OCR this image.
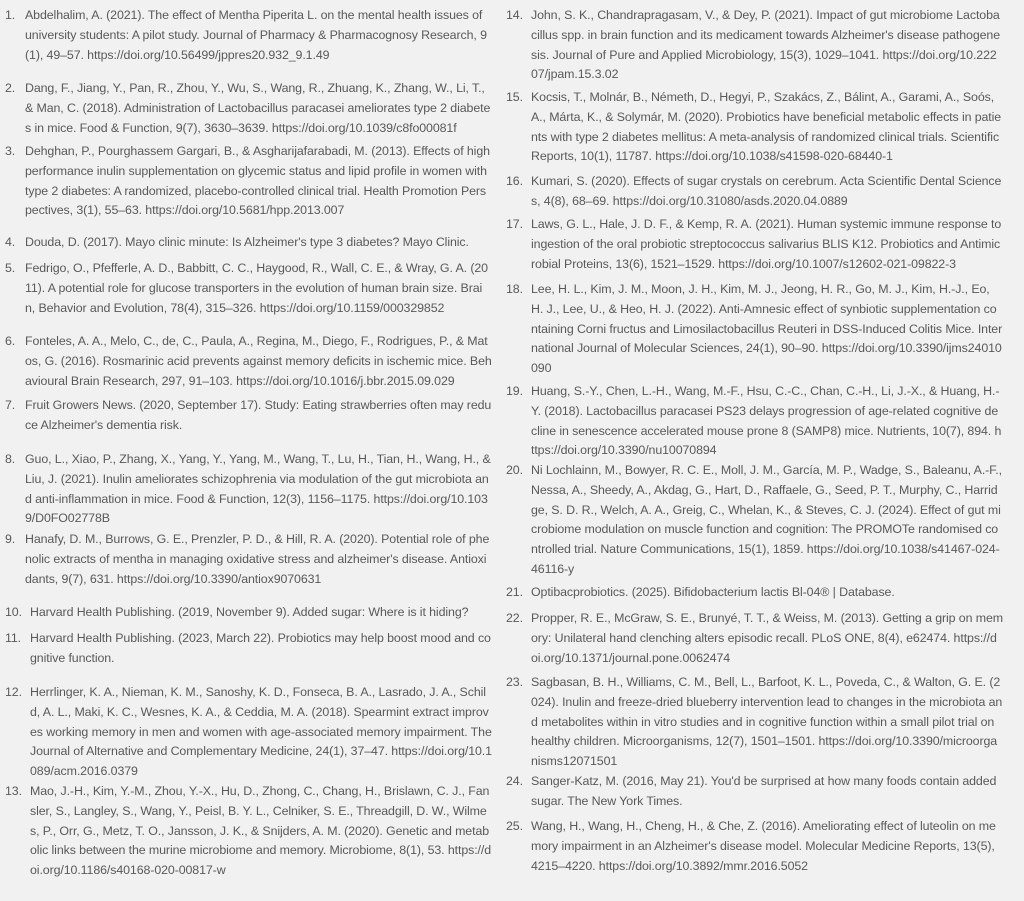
1. Abdelhalim, A. (2021). The effect of Mentha Piperita L. on the mental health issues of university students: A pilot study. Journal of Pharmacy & Pharmacognosy Research, 9(1), 49–57. https://doi.org/10.56499/jppres20.932_9.1.49
2. Dang, F., Jiang, Y., Pan, R., Zhou, Y., Wu, S., Wang, R., Zhuang, K., Zhang, W., Li, T., & Man, C. (2018). Administration of Lactobacillus paracasei ameliorates type 2 diabetes in mice. Food & Function, 9(7), 3630–3639. https://doi.org/10.1039/c8fo00081f
3. Dehghan, P., Pourghassem Gargari, B., & Asgharijafarabadi, M. (2013). Effects of high performance inulin supplementation on glycemic status and lipid profile in women with type 2 diabetes: A randomized, placebo-controlled clinical trial. Health Promotion Perspectives, 3(1), 55–63. https://doi.org/10.5681/hpp.2013.007
4. Douda, D. (2017). Mayo clinic minute: Is Alzheimer's type 3 diabetes? Mayo Clinic.
5. Fedrigo, O., Pfefferle, A. D., Babbitt, C. C., Haygood, R., Wall, C. E., & Wray, G. A. (2011). A potential role for glucose transporters in the evolution of human brain size. Brain, Behavior and Evolution, 78(4), 315–326. https://doi.org/10.1159/000329852
6. Fonteles, A. A., Melo, C., de, C., Paula, A., Regina, M., Diego, F., Rodrigues, P., & Matos, G. (2016). Rosmarinic acid prevents against memory deficits in ischemic mice. Behavioural Brain Research, 297, 91–103. https://doi.org/10.1016/j.bbr.2015.09.029
7. Fruit Growers News. (2020, September 17). Study: Eating strawberries often may reduce Alzheimer's dementia risk.
8. Guo, L., Xiao, P., Zhang, X., Yang, Y., Yang, M., Wang, T., Lu, H., Tian, H., Wang, H., & Liu, J. (2021). Inulin ameliorates schizophrenia via modulation of the gut microbiota and anti-inflammation in mice. Food & Function, 12(3), 1156–1175. https://doi.org/10.1039/D0FO02778B
9. Hanafy, D. M., Burrows, G. E., Prenzler, P. D., & Hill, R. A. (2020). Potential role of phenolic extracts of mentha in managing oxidative stress and alzheimer's disease. Antioxidants, 9(7), 631. https://doi.org/10.3390/antiox9070631
10. Harvard Health Publishing. (2019, November 9). Added sugar: Where is it hiding?
11. Harvard Health Publishing. (2023, March 22). Probiotics may help boost mood and cognitive function.
12. Herrlinger, K. A., Nieman, K. M., Sanoshy, K. D., Fonseca, B. A., Lasrado, J. A., Schild, A. L., Maki, K. C., Wesnes, K. A., & Ceddia, M. A. (2018). Spearmint extract improves working memory in men and women with age-associated memory impairment. The Journal of Alternative and Complementary Medicine, 24(1), 37–47. https://doi.org/10.1089/acm.2016.0379
13. Mao, J.-H., Kim, Y.-M., Zhou, Y.-X., Hu, D., Zhong, C., Chang, H., Brislawn, C. J., Fansler, S., Langley, S., Wang, Y., Peisl, B. Y. L., Celniker, S. E., Threadgill, D. W., Wilmes, P., Orr, G., Metz, T. O., Jansson, J. K., & Snijders, A. M. (2020). Genetic and metabolic links between the murine microbiome and memory. Microbiome, 8(1), 53. https://doi.org/10.1186/s40168-020-00817-w
14. John, S. K., Chandrapragasam, V., & Dey, P. (2021). Impact of gut microbiome Lactobacillus spp. in brain function and its medicament towards Alzheimer's disease pathogenesis. Journal of Pure and Applied Microbiology, 15(3), 1029–1041. https://doi.org/10.22207/jpam.15.3.02
15. Kocsis, T., Molnár, B., Németh, D., Hegyi, P., Szakács, Z., Bálint, A., Garami, A., Soós, A., Márta, K., & Solymár, M. (2020). Probiotics have beneficial metabolic effects in patients with type 2 diabetes mellitus: A meta-analysis of randomized clinical trials. Scientific Reports, 10(1), 11787. https://doi.org/10.1038/s41598-020-68440-1
16. Kumari, S. (2020). Effects of sugar crystals on cerebrum. Acta Scientific Dental Sciences, 4(8), 68–69. https://doi.org/10.31080/asds.2020.04.0889
17. Laws, G. L., Hale, J. D. F., & Kemp, R. A. (2021). Human systemic immune response to ingestion of the oral probiotic streptococcus salivarius BLIS K12. Probiotics and Antimicrobial Proteins, 13(6), 1521–1529. https://doi.org/10.1007/s12602-021-09822-3
18. Lee, H. L., Kim, J. M., Moon, J. H., Kim, M. J., Jeong, H. R., Go, M. J., Kim, H.-J., Eo, H. J., Lee, U., & Heo, H. J. (2022). Anti-Amnesic effect of synbiotic supplementation containing Corni fructus and Limosilactobacillus Reuteri in DSS-Induced Colitis Mice. International Journal of Molecular Sciences, 24(1), 90–90. https://doi.org/10.3390/ijms24010090
19. Huang, S.-Y., Chen, L.-H., Wang, M.-F., Hsu, C.-C., Chan, C.-H., Li, J.-X., & Huang, H.-Y. (2018). Lactobacillus paracasei PS23 delays progression of age-related cognitive decline in senescence accelerated mouse prone 8 (SAMP8) mice. Nutrients, 10(7), 894. https://doi.org/10.3390/nu10070894
20. Ni Lochlainn, M., Bowyer, R. C. E., Moll, J. M., García, M. P., Wadge, S., Baleanu, A.-F., Nessa, A., Sheedy, A., Akdag, G., Hart, D., Raffaele, G., Seed, P. T., Murphy, C., Harridge, S. D. R., Welch, A. A., Greig, C., Whelan, K., & Steves, C. J. (2024). Effect of gut microbiome modulation on muscle function and cognition: The PROMOTe randomised controlled trial. Nature Communications, 15(1), 1859. https://doi.org/10.1038/s41467-024-46116-y
21. Optibacprobiotics. (2025). Bifidobacterium lactis Bl-04® | Database.
22. Propper, R. E., McGraw, S. E., Brunyé, T. T., & Weiss, M. (2013). Getting a grip on memory: Unilateral hand clenching alters episodic recall. PLoS ONE, 8(4), e62474. https://doi.org/10.1371/journal.pone.0062474
23. Sagbasan, B. H., Williams, C. M., Bell, L., Barfoot, K. L., Poveda, C., & Walton, G. E. (2024). Inulin and freeze-dried blueberry intervention lead to changes in the microbiota and metabolites within in vitro studies and in cognitive function within a small pilot trial on healthy children. Microorganisms, 12(7), 1501–1501. https://doi.org/10.3390/microorganisms12071501
24. Sanger-Katz, M. (2016, May 21). You'd be surprised at how many foods contain added sugar. The New York Times.
25. Wang, H., Wang, H., Cheng, H., & Che, Z. (2016). Ameliorating effect of luteolin on memory impairment in an Alzheimer's disease model. Molecular Medicine Reports, 13(5), 4215–4220. https://doi.org/10.3892/mmr.2016.5052
